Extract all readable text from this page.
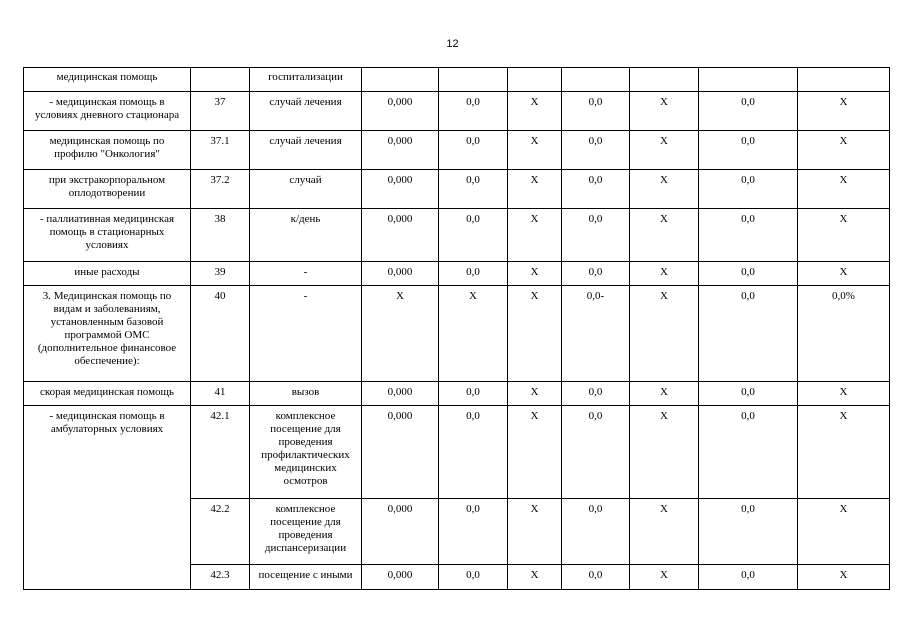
12
медицинская помощь		госпитализации							
- медицинская помощь в условиях дневного стационара	37	случай лечения	0,000	0,0	X	0,0	X	0,0	X
медицинская помощь по профилю "Онкология"	37.1	случай лечения	0,000	0,0	X	0,0	X	0,0	X
при экстракорпоральном оплодотворении	37.2	случай	0,000	0,0	X	0,0	X	0,0	X
- паллиативная медицинская помощь в стационарных условиях	38	к/день	0,000	0,0	X	0,0	X	0,0	X
иные расходы	39	-	0,000	0,0	X	0,0	X	0,0	X
3. Медицинская помощь по видам и заболеваниям, установленным базовой программой ОМС (дополнительное финансовое обеспечение):	40	-	X	X	X	0,0-	X	0,0	0,0%
скорая медицинская помощь	41	вызов	0,000	0,0	X	0,0	X	0,0	X
- медицинская помощь в амбулаторных условиях	42.1	комплексное посещение для проведения профилактических медицинских осмотров	0,000	0,0	X	0,0	X	0,0	X
	42.2	комплексное посещение для проведения диспансеризации	0,000	0,0	X	0,0	X	0,0	X
	42.3	посещение с иными	0,000	0,0	X	0,0	X	0,0	X
